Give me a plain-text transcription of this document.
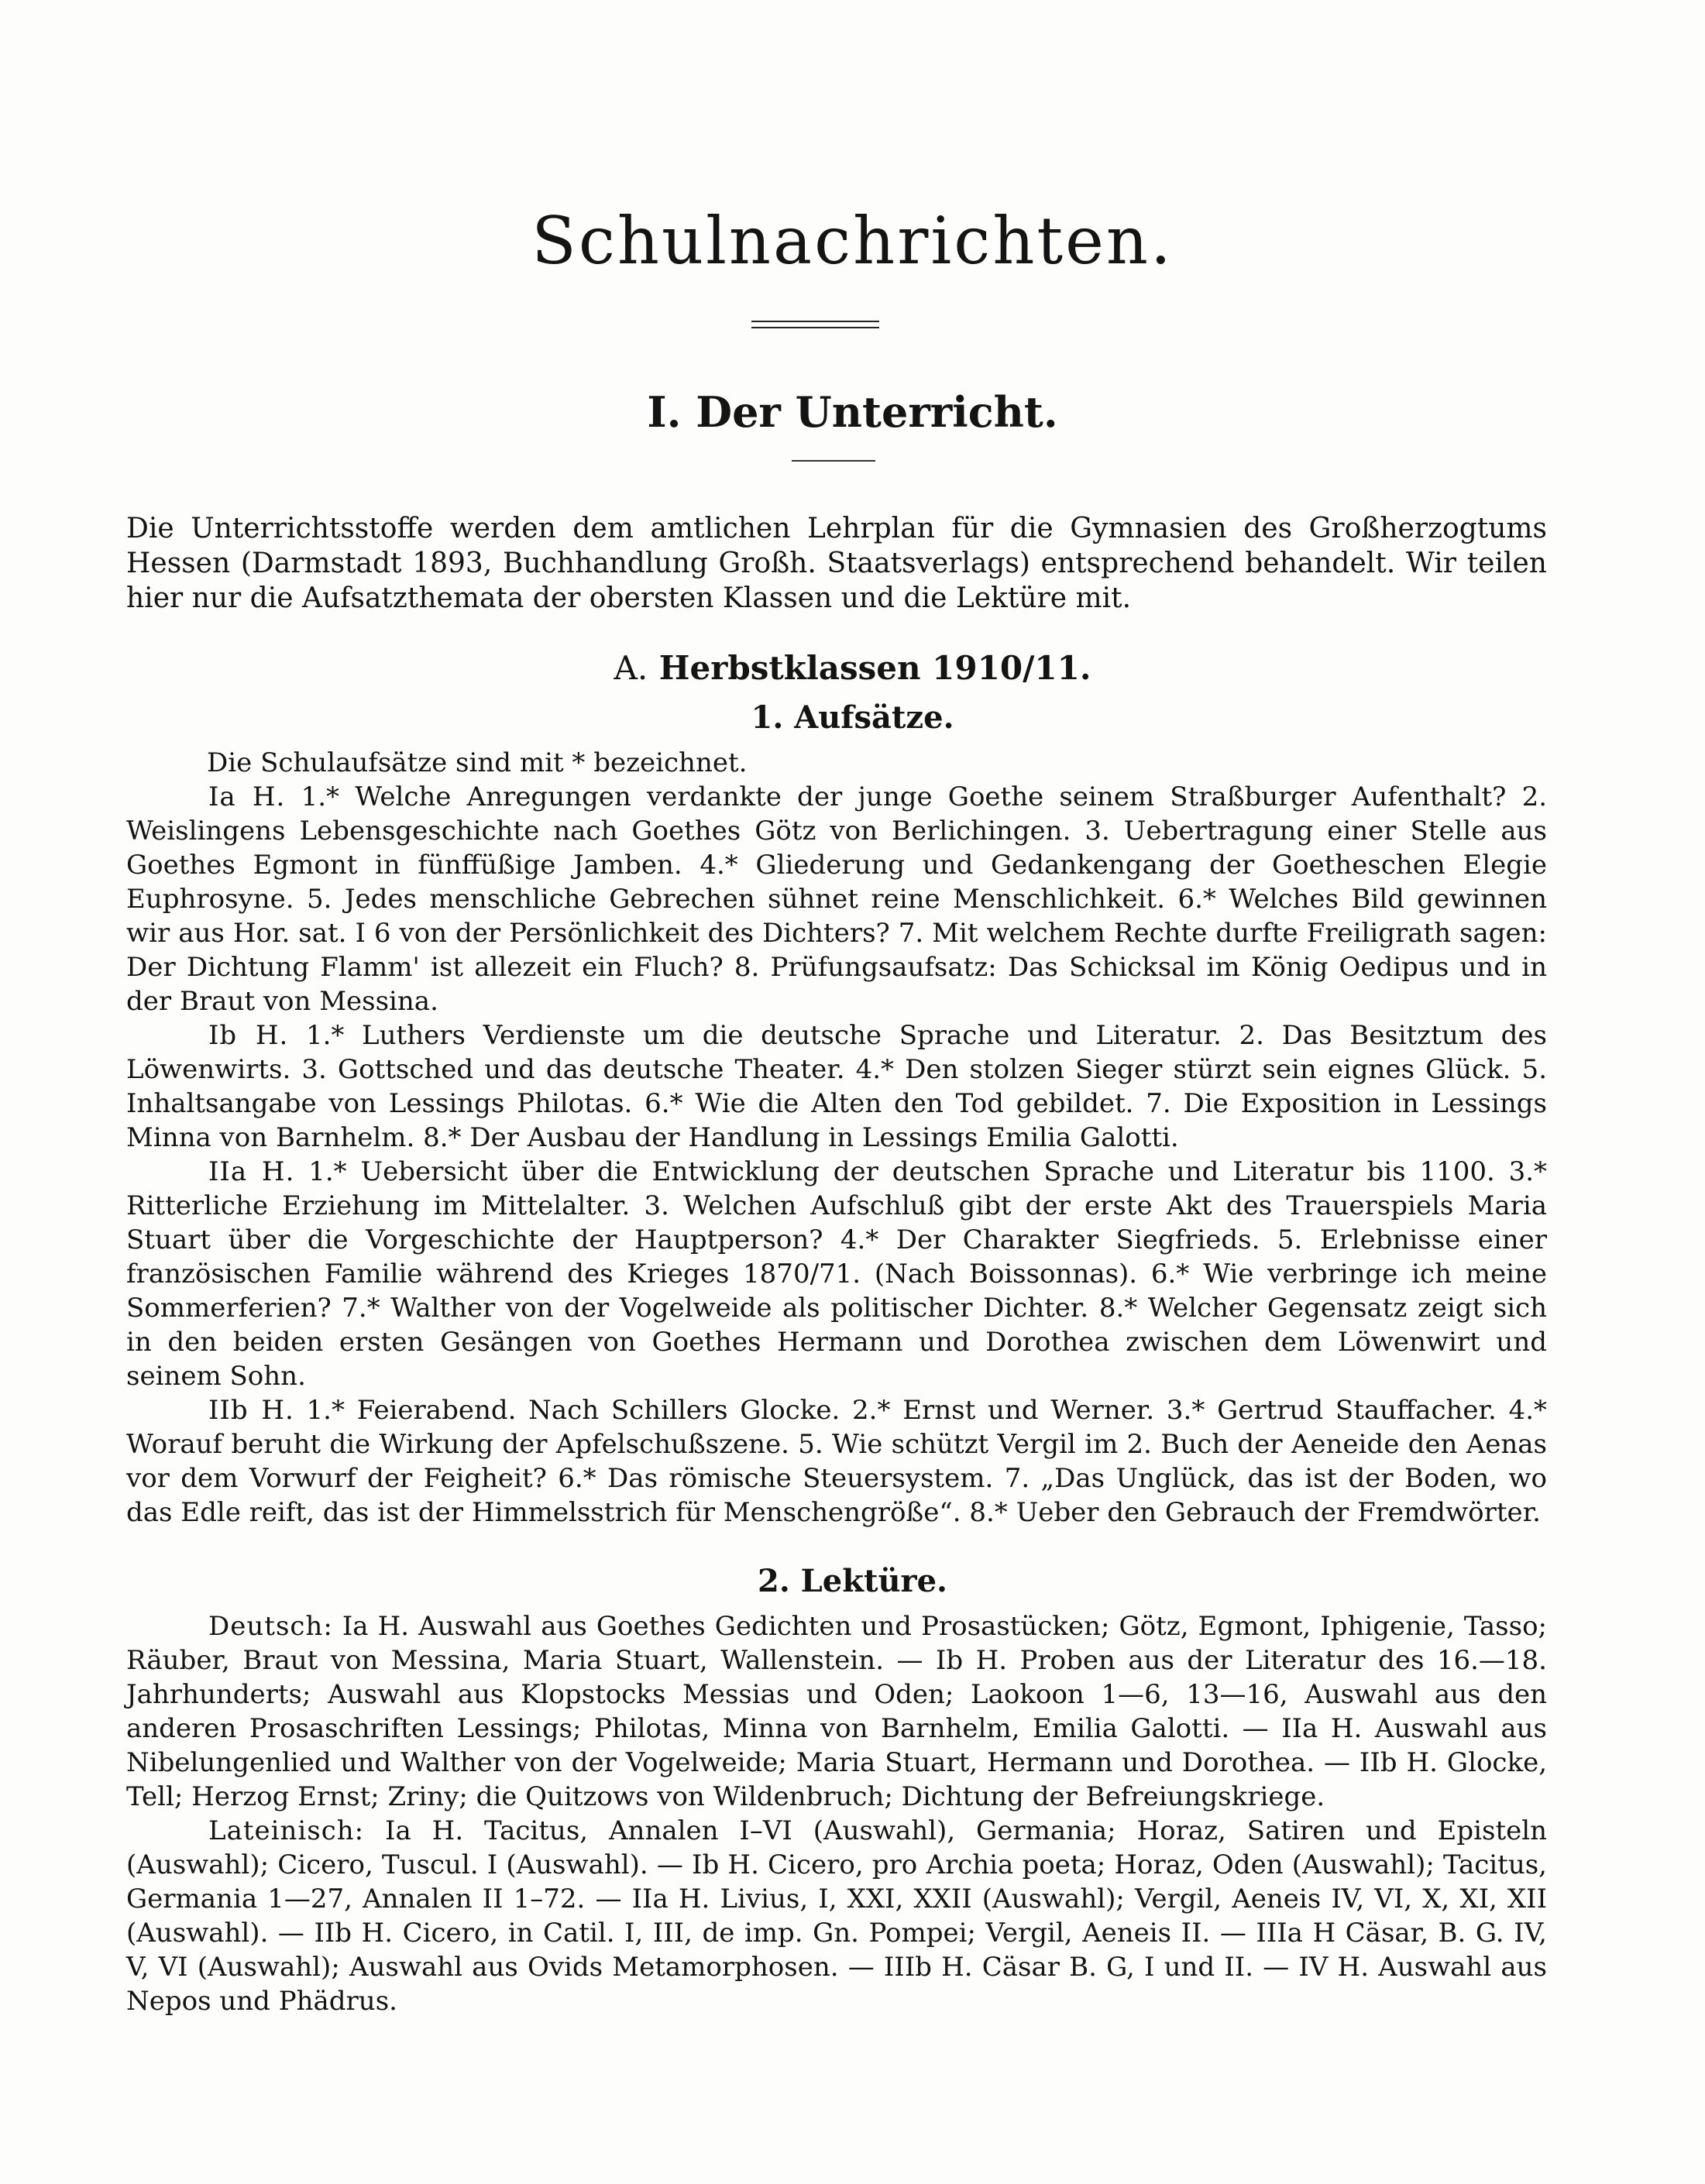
Schulnachrichten.
I. Der Unterricht.
Die Unterrichtsstoffe werden dem amtlichen Lehrplan für die Gymnasien des Großherzogtums Hessen (Darmstadt 1893, Buchhandlung Großh. Staatsverlags) entsprechend behandelt. Wir teilen hier nur die Aufsatzthemata der obersten Klassen und die Lektüre mit.
A. Herbstklassen 1910/11.
1. Aufsätze.

Die Schulaufsätze sind mit * bezeichnet.

Ia H. 1.* Welche Anregungen verdankte der junge Goethe seinem Straßburger Aufenthalt? 2. Weislingens Lebensgeschichte nach Goethes Götz von Berlichingen. 3. Uebertragung einer Stelle aus Goethes Egmont in fünffüßige Jamben. 4.* Gliederung und Gedankengang der Goetheschen Elegie Euphrosyne. 5. Jedes menschliche Gebrechen sühnet reine Menschlichkeit. 6.* Welches Bild gewinnen wir aus Hor. sat. I 6 von der Persönlichkeit des Dichters? 7. Mit welchem Rechte durfte Freiligrath sagen: Der Dichtung Flamm' ist allezeit ein Fluch? 8. Prüfungsaufsatz: Das Schicksal im König Oedipus und in der Braut von Messina.

Ib H. 1.* Luthers Verdienste um die deutsche Sprache und Literatur. 2. Das Besitztum des Löwenwirts. 3. Gottsched und das deutsche Theater. 4.* Den stolzen Sieger stürzt sein eignes Glück. 5. Inhaltsangabe von Lessings Philotas. 6.* Wie die Alten den Tod gebildet. 7. Die Exposition in Lessings Minna von Barnhelm. 8.* Der Ausbau der Handlung in Lessings Emilia Galotti.

IIa H. 1.* Uebersicht über die Entwicklung der deutschen Sprache und Literatur bis 1100. 3.* Ritterliche Erziehung im Mittelalter. 3. Welchen Aufschluß gibt der erste Akt des Trauerspiels Maria Stuart über die Vorgeschichte der Hauptperson? 4.* Der Charakter Siegfrieds. 5. Erlebnisse einer französischen Familie während des Krieges 1870/71. (Nach Boissonnas). 6.* Wie verbringe ich meine Sommerferien? 7.* Walther von der Vogelweide als politischer Dichter. 8.* Welcher Gegensatz zeigt sich in den beiden ersten Gesängen von Goethes Hermann und Dorothea zwischen dem Löwenwirt und seinem Sohn.

IIb H. 1.* Feierabend. Nach Schillers Glocke. 2.* Ernst und Werner. 3.* Gertrud Stauffacher. 4.* Worauf beruht die Wirkung der Apfelschußszene. 5. Wie schützt Vergil im 2. Buch der Aeneide den Aenas vor dem Vorwurf der Feigheit? 6.* Das römische Steuersystem. 7. „Das Unglück, das ist der Boden, wo das Edle reift, das ist der Himmelsstrich für Menschengröße“. 8.* Ueber den Gebrauch der Fremdwörter.

2. Lektüre.

Deutsch: Ia H. Auswahl aus Goethes Gedichten und Prosastücken; Götz, Egmont, Iphigenie, Tasso; Räuber, Braut von Messina, Maria Stuart, Wallenstein. — Ib H. Proben aus der Literatur des 16.—18. Jahrhunderts; Auswahl aus Klopstocks Messias und Oden; Laokoon 1—6, 13—16, Auswahl aus den anderen Prosaschriften Lessings; Philotas, Minna von Barnhelm, Emilia Galotti. — IIa H. Auswahl aus Nibelungenlied und Walther von der Vogelweide; Maria Stuart, Hermann und Dorothea. — IIb H. Glocke, Tell; Herzog Ernst; Zriny; die Quitzows von Wildenbruch; Dichtung der Befreiungskriege.

Lateinisch: Ia H. Tacitus, Annalen I–VI (Auswahl), Germania; Horaz, Satiren und Episteln (Auswahl); Cicero, Tuscul. I (Auswahl). — Ib H. Cicero, pro Archia poeta; Horaz, Oden (Auswahl); Tacitus, Germania 1—27, Annalen II 1–72. — IIa H. Livius, I, XXI, XXII (Auswahl); Vergil, Aeneis IV, VI, X, XI, XII (Auswahl). — IIb H. Cicero, in Catil. I, III, de imp. Gn. Pompei; Vergil, Aeneis II. — IIIa H Cäsar, B. G. IV, V, VI (Auswahl); Auswahl aus Ovids Metamorphosen. — IIIb H. Cäsar B. G, I und II. — IV H. Auswahl aus Nepos und Phädrus.
